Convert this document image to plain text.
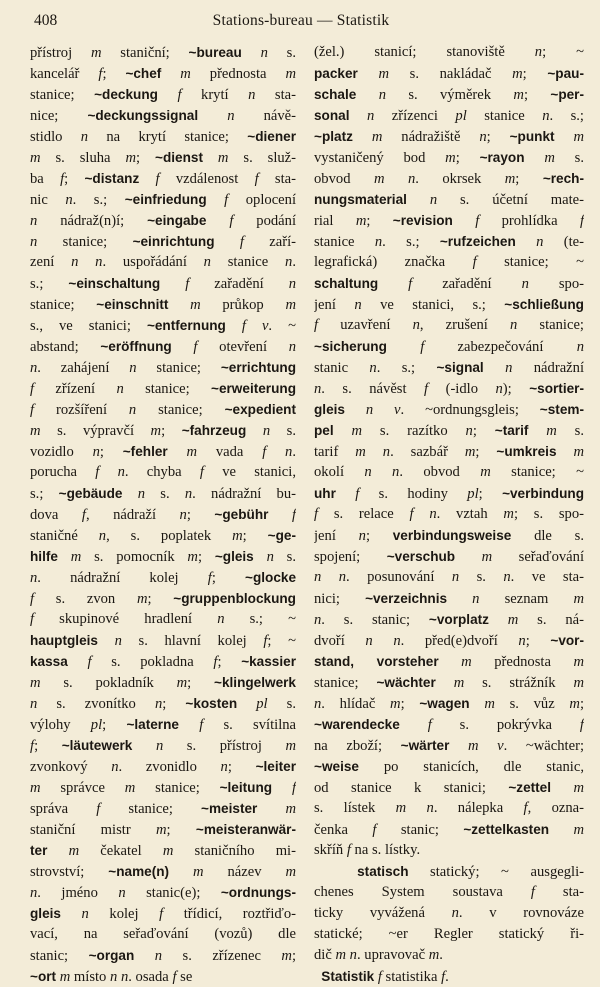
408	Stations-bureau — Statistik
přístroj m staniční; ~bureau n s.
kancelář f; ~chef m přednosta m
stanice; ~deckung f krytí n sta-
nice; ~deckungssignal n návě-
stidlo n na krytí stanice; ~diener
m s. sluha m; ~dienst m s. služ-
ba f; ~distanz f vzdálenost f sta-
nic n. s.; ~einfriedung f oplocení
n nádraž(n)í; ~eingabe f podání
n stanice; ~einrichtung f zaří-
zení n n. uspořádání n stanice n.
s.; ~einschaltung f zařadění n
stanice; ~einschnitt m průkop m
s., ve stanici; ~entfernung f v. ~
abstand; ~eröffnung f otevření n
n. zahájení n stanice; ~errichtung
f zřízení n stanice; ~erweiterung
f rozšíření n stanice; ~expedient
m s. výpravčí m; ~fahrzeug n s.
vozidlo n; ~fehler m vada f n.
porucha f n. chyba f ve stanici,
s.; ~gebäude n s. n. nádražní bu-
dova f, nádraží n; ~gebühr f
staničné n, s. poplatek m; ~ge-
hilfe m s. pomocník m; ~gleis n s.
n. nádražní kolej f; ~glocke
f s. zvon m; ~gruppenblockung
f skupinové hradlení n s.; ~
hauptgleis n s. hlavní kolej f; ~
kassa f s. pokladna f; ~kassier
m s. pokladník m; ~klingelwerk
n s. zvonítko n; ~kosten pl s.
výlohy pl; ~laterne f s. svítilna
f; ~läutewerk n s. přístroj m
zvonkový n. zvonidlo n; ~leiter
m správce m stanice; ~leitung f
správa f stanice; ~meister m
staniční mistr m; ~meisteranwär-
ter m čekatel m staničního mi-
strovství; ~name(n) m název m
n. jméno n stanic(e); ~ordnungs-
gleis n kolej f třídicí, roztřiďo-
vací, na seřaďování (vozů) dle
stanic; ~organ n s. zřízenec m;
~ort m místo n n. osada f se
(žel.) stanicí; stanoviště n; ~
packer m s. nakládač m; ~pau-
schale n s. výměrek m; ~per-
sonal n zřízenci pl stanice n. s.;
~platz m nádražiště n; ~punkt m
vystaničený bod m; ~rayon m s.
obvod m n. okrsek m; ~rech-
nungsmaterial n s. účetní mate-
rial m; ~revision f prohlídka f
stanice n. s.; ~rufzeichen n (te-
legrafická) značka f stanice; ~
schaltung f zařadění n spo-
jení n ve stanici, s.; ~schließung
f uzavření n, zrušení n stanice;
~sicherung f zabezpečování n
stanic n. s.; ~signal n nádražní
n. s. návěst f (-idlo n); ~sortier-
gleis n v. ~ordnungsgleis; ~stem-
pel m s. razítko n; ~tarif m s.
tarif m n. sazbář m; ~umkreis m
okolí n n. obvod m stanice; ~
uhr f s. hodiny pl; ~verbindung
f s. relace f n. vztah m; s. spo-
jení n; verbindungsweise dle s.
spojení; ~verschub m seřaďování
n n. posunování n s. n. ve sta-
nici; ~verzeichnis n seznam m
n. s. stanic; ~vorplatz m s. ná-
dvoří n n. před(e)dvoří n; ~vor-
stand, vorsteher m přednosta m
stanice; ~wächter m s. strážník m
n. hlídač m; ~wagen m s. vůz m;
~warendecke f s. pokrývka f
na zboží; ~wärter m v. ~wächter;
~weise po stanicích, dle stanic,
od stanice k stanici; ~zettel m
s. lístek m n. nálepka f, ozna-
čenka f stanic; ~zettelkasten m
skříň f na s. lístky.
statisch statický; ~ ausgegli-
chenes System soustava f sta-
ticky vyvážená n. v rovnováze
statické; ~er Regler statický ři-
dič m n. upravovač m.
Statistik f statistika f.
